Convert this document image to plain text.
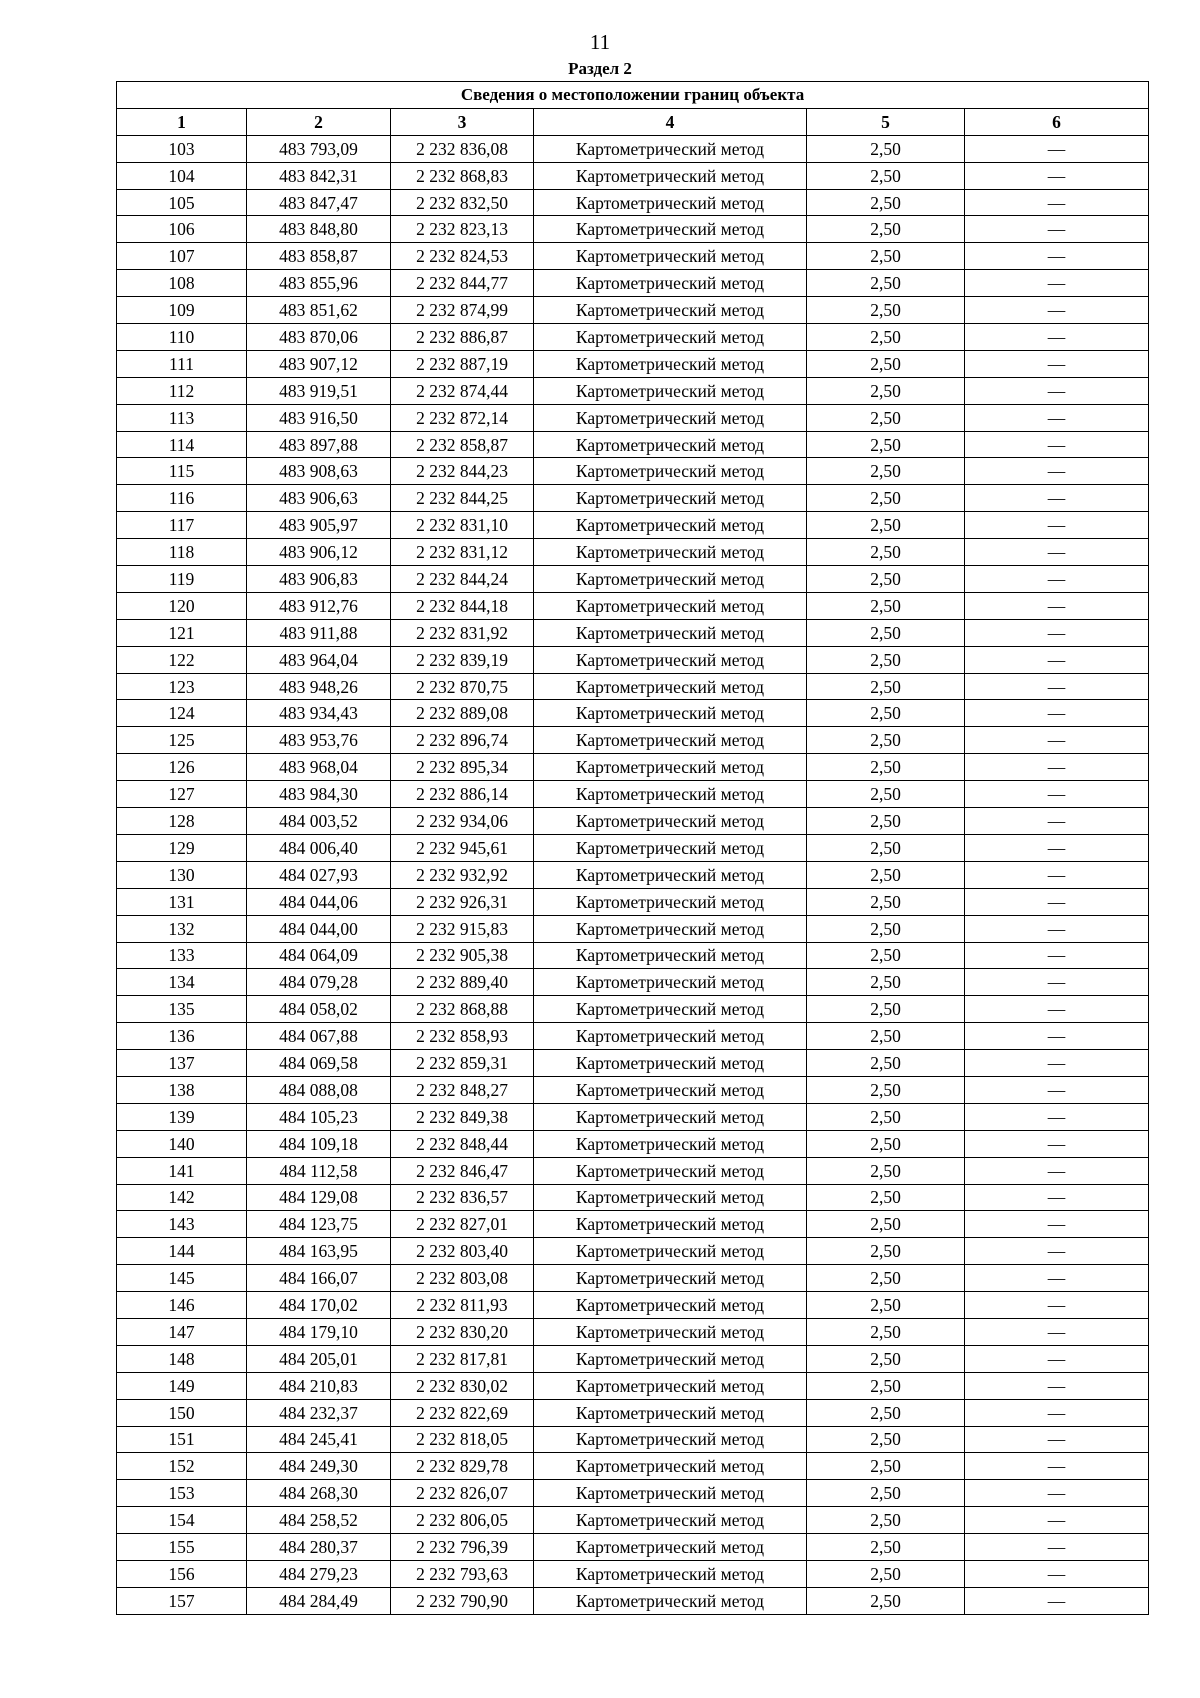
11
Раздел 2
Сведения о местоположении границ объекта					
1	2	3	4	5	6
103	483 793,09	2 232 836,08	Картометрический метод	2,50	—
104	483 842,31	2 232 868,83	Картометрический метод	2,50	—
105	483 847,47	2 232 832,50	Картометрический метод	2,50	—
106	483 848,80	2 232 823,13	Картометрический метод	2,50	—
107	483 858,87	2 232 824,53	Картометрический метод	2,50	—
108	483 855,96	2 232 844,77	Картометрический метод	2,50	—
109	483 851,62	2 232 874,99	Картометрический метод	2,50	—
110	483 870,06	2 232 886,87	Картометрический метод	2,50	—
111	483 907,12	2 232 887,19	Картометрический метод	2,50	—
112	483 919,51	2 232 874,44	Картометрический метод	2,50	—
113	483 916,50	2 232 872,14	Картометрический метод	2,50	—
114	483 897,88	2 232 858,87	Картометрический метод	2,50	—
115	483 908,63	2 232 844,23	Картометрический метод	2,50	—
116	483 906,63	2 232 844,25	Картометрический метод	2,50	—
117	483 905,97	2 232 831,10	Картометрический метод	2,50	—
118	483 906,12	2 232 831,12	Картометрический метод	2,50	—
119	483 906,83	2 232 844,24	Картометрический метод	2,50	—
120	483 912,76	2 232 844,18	Картометрический метод	2,50	—
121	483 911,88	2 232 831,92	Картометрический метод	2,50	—
122	483 964,04	2 232 839,19	Картометрический метод	2,50	—
123	483 948,26	2 232 870,75	Картометрический метод	2,50	—
124	483 934,43	2 232 889,08	Картометрический метод	2,50	—
125	483 953,76	2 232 896,74	Картометрический метод	2,50	—
126	483 968,04	2 232 895,34	Картометрический метод	2,50	—
127	483 984,30	2 232 886,14	Картометрический метод	2,50	—
128	484 003,52	2 232 934,06	Картометрический метод	2,50	—
129	484 006,40	2 232 945,61	Картометрический метод	2,50	—
130	484 027,93	2 232 932,92	Картометрический метод	2,50	—
131	484 044,06	2 232 926,31	Картометрический метод	2,50	—
132	484 044,00	2 232 915,83	Картометрический метод	2,50	—
133	484 064,09	2 232 905,38	Картометрический метод	2,50	—
134	484 079,28	2 232 889,40	Картометрический метод	2,50	—
135	484 058,02	2 232 868,88	Картометрический метод	2,50	—
136	484 067,88	2 232 858,93	Картометрический метод	2,50	—
137	484 069,58	2 232 859,31	Картометрический метод	2,50	—
138	484 088,08	2 232 848,27	Картометрический метод	2,50	—
139	484 105,23	2 232 849,38	Картометрический метод	2,50	—
140	484 109,18	2 232 848,44	Картометрический метод	2,50	—
141	484 112,58	2 232 846,47	Картометрический метод	2,50	—
142	484 129,08	2 232 836,57	Картометрический метод	2,50	—
143	484 123,75	2 232 827,01	Картометрический метод	2,50	—
144	484 163,95	2 232 803,40	Картометрический метод	2,50	—
145	484 166,07	2 232 803,08	Картометрический метод	2,50	—
146	484 170,02	2 232 811,93	Картометрический метод	2,50	—
147	484 179,10	2 232 830,20	Картометрический метод	2,50	—
148	484 205,01	2 232 817,81	Картометрический метод	2,50	—
149	484 210,83	2 232 830,02	Картометрический метод	2,50	—
150	484 232,37	2 232 822,69	Картометрический метод	2,50	—
151	484 245,41	2 232 818,05	Картометрический метод	2,50	—
152	484 249,30	2 232 829,78	Картометрический метод	2,50	—
153	484 268,30	2 232 826,07	Картометрический метод	2,50	—
154	484 258,52	2 232 806,05	Картометрический метод	2,50	—
155	484 280,37	2 232 796,39	Картометрический метод	2,50	—
156	484 279,23	2 232 793,63	Картометрический метод	2,50	—
157	484 284,49	2 232 790,90	Картометрический метод	2,50	—
